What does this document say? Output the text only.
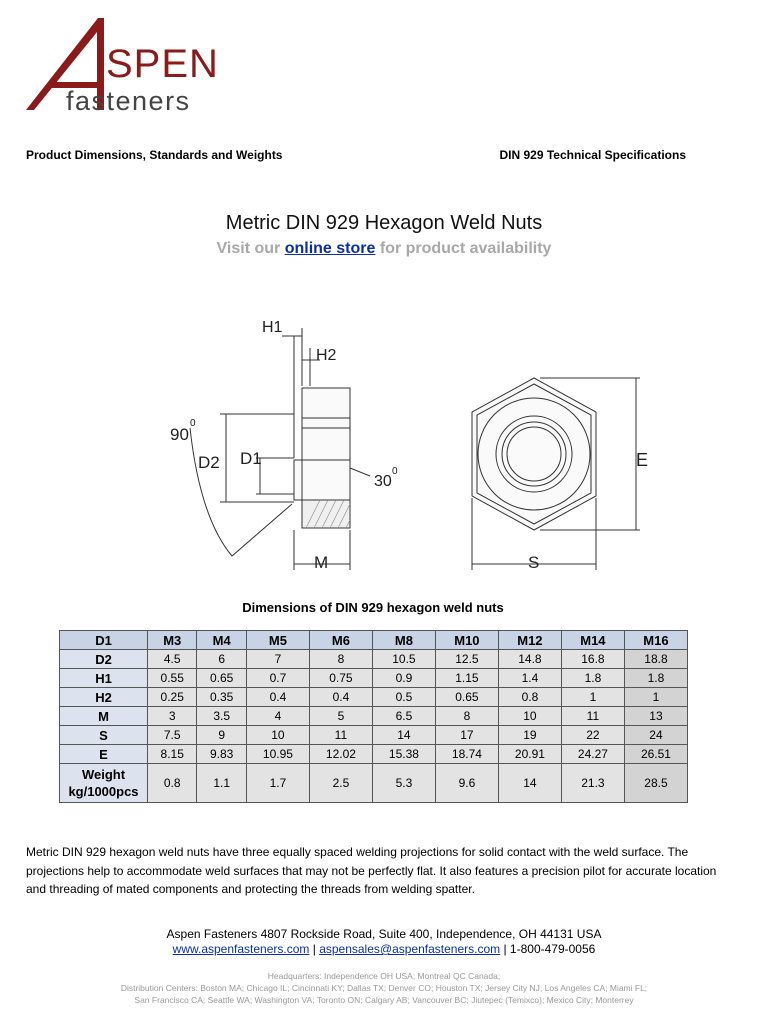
SPEN
fasteners
Product Dimensions, Standards and Weights	DIN 929 Technical Specifications
Metric DIN 929 Hexagon Weld Nuts
Visit our online store for product availability
H1
H2
90
0
D2 D1
30
0
M
E
S
Dimensions of DIN 929 hexagon weld nuts
D1	M3	M4	M5	M6	M8	M10	M12	M14	M16
D2	4.5	6	7	8	10.5	12.5	14.8	16.8	18.8
H1	0.55	0.65	0.7	0.75	0.9	1.15	1.4	1.8	1.8
H2	0.25	0.35	0.4	0.4	0.5	0.65	0.8	1	1
M	3	3.5	4	5	6.5	8	10	11	13
S	7.5	9	10	11	14	17	19	22	24
E	8.15	9.83	10.95	12.02	15.38	18.74	20.91	24.27	26.51
Weight kg/1000pcs	0.8	1.1	1.7	2.5	5.3	9.6	14	21.3	28.5
Metric DIN 929 hexagon weld nuts have three equally spaced welding projections for solid contact with the weld surface. The projections help to accommodate weld surfaces that may not be perfectly flat. It also features a precision pilot for accurate location and threading of mated components and protecting the threads from welding spatter.
Aspen Fasteners 4807 Rockside Road, Suite 400, Independence, OH 44131 USA
www.aspenfasteners.com | aspensales@aspenfasteners.com | 1-800-479-0056
Headquarters: Independence OH USA; Montreal QC Canada;
Distribution Centers: Boston MA; Chicago IL; Cincinnati KY; Dallas TX; Denver CO; Houston TX; Jersey City NJ; Los Angeles CA; Miami FL;
San Francisco CA; Seattle WA; Washington VA; Toronto ON; Calgary AB; Vancouver BC; Jiutepec (Temixco); Mexico City; Monterrey
